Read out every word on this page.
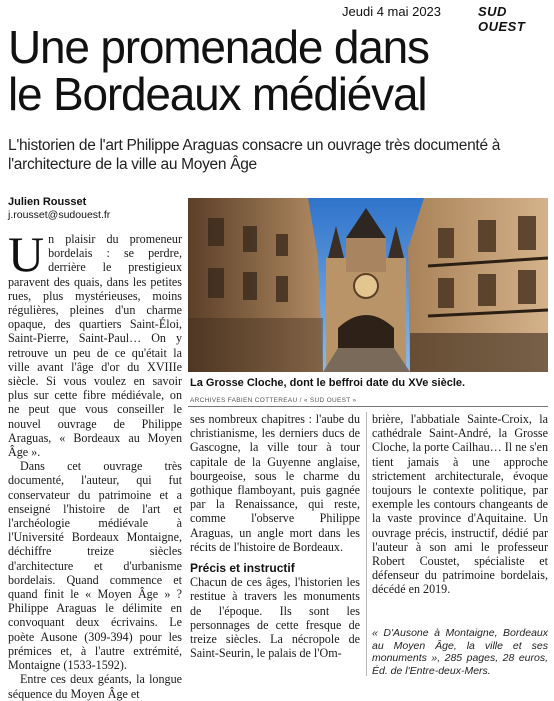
Jeudi 4 mai 2023	SUD OUEST
Une promenade dans
le Bordeaux médiéval
L'historien de l'art Philippe Araguas consacre un ouvrage très documenté à l'architecture de la ville au Moyen Âge
Julien Rousset
j.rousset@sudouest.fr
U n plaisir du promeneur bordelais : se perdre, derrière le prestigieux paravent des quais, dans les petites rues, plus mystérieuses, moins régulières, pleines d'un charme opaque, des quartiers Saint-Éloi, Saint-Pierre, Saint-Paul… On y retrouve un peu de ce qu'était la ville avant l'âge d'or du XVIIIe siècle. Si vous voulez en savoir plus sur cette fibre médiévale, on ne peut que vous conseiller le nouvel ouvrage de Philippe Araguas, « Bordeaux au Moyen Âge ».

Dans cet ouvrage très documenté, l'auteur, qui fut conservateur du patrimoine et a enseigné l'histoire de l'art et l'archéologie médiévale à l'Université Bordeaux Montaigne, déchiffre treize siècles d'architecture et d'urbanisme bordelais. Quand commence et quand finit le « Moyen Âge » ? Philippe Araguas le délimite en convoquant deux écrivains. Le poète Ausone (309-394) pour les prémices et, à l'autre extrémité, Montaigne (1533-1592).

Entre ces deux géants, la longue séquence du Moyen Âge et

La Grosse Cloche, dont le beffroi date du XVe siècle.
ARCHIVES FABIEN COTTEREAU / « SUD OUEST »

ses nombreux chapitres : l'aube du christianisme, les derniers ducs de Gascogne, la ville tour à tour capitale de la Guyenne anglaise, bourgeoise, sous le charme du gothique flamboyant, puis gagnée par la Renaissance, qui reste, comme l'observe Philippe Araguas, un angle mort dans les récits de l'histoire de Bordeaux.

Précis et instructif

Chacun de ces âges, l'historien les restitue à travers les monuments de l'époque. Ils sont les personnages de cette fresque de treize siècles. La nécropole de Saint-Seurin, le palais de l'Om-

brière, l'abbatiale Sainte-Croix, la cathédrale Saint-André, la Grosse Cloche, la porte Cailhau… Il ne s'en tient jamais à une approche strictement architecturale, évoque toujours le contexte politique, par exemple les contours changeants de la vaste province d'Aquitaine. Un ouvrage précis, instructif, dédié par l'auteur à son ami le professeur Robert Coustet, spécialiste et défenseur du patrimoine bordelais, décédé en 2019.

« D'Ausone à Montaigne, Bordeaux au Moyen Âge, la ville et ses monuments », 285 pages, 28 euros, Éd. de l'Entre-deux-Mers.
